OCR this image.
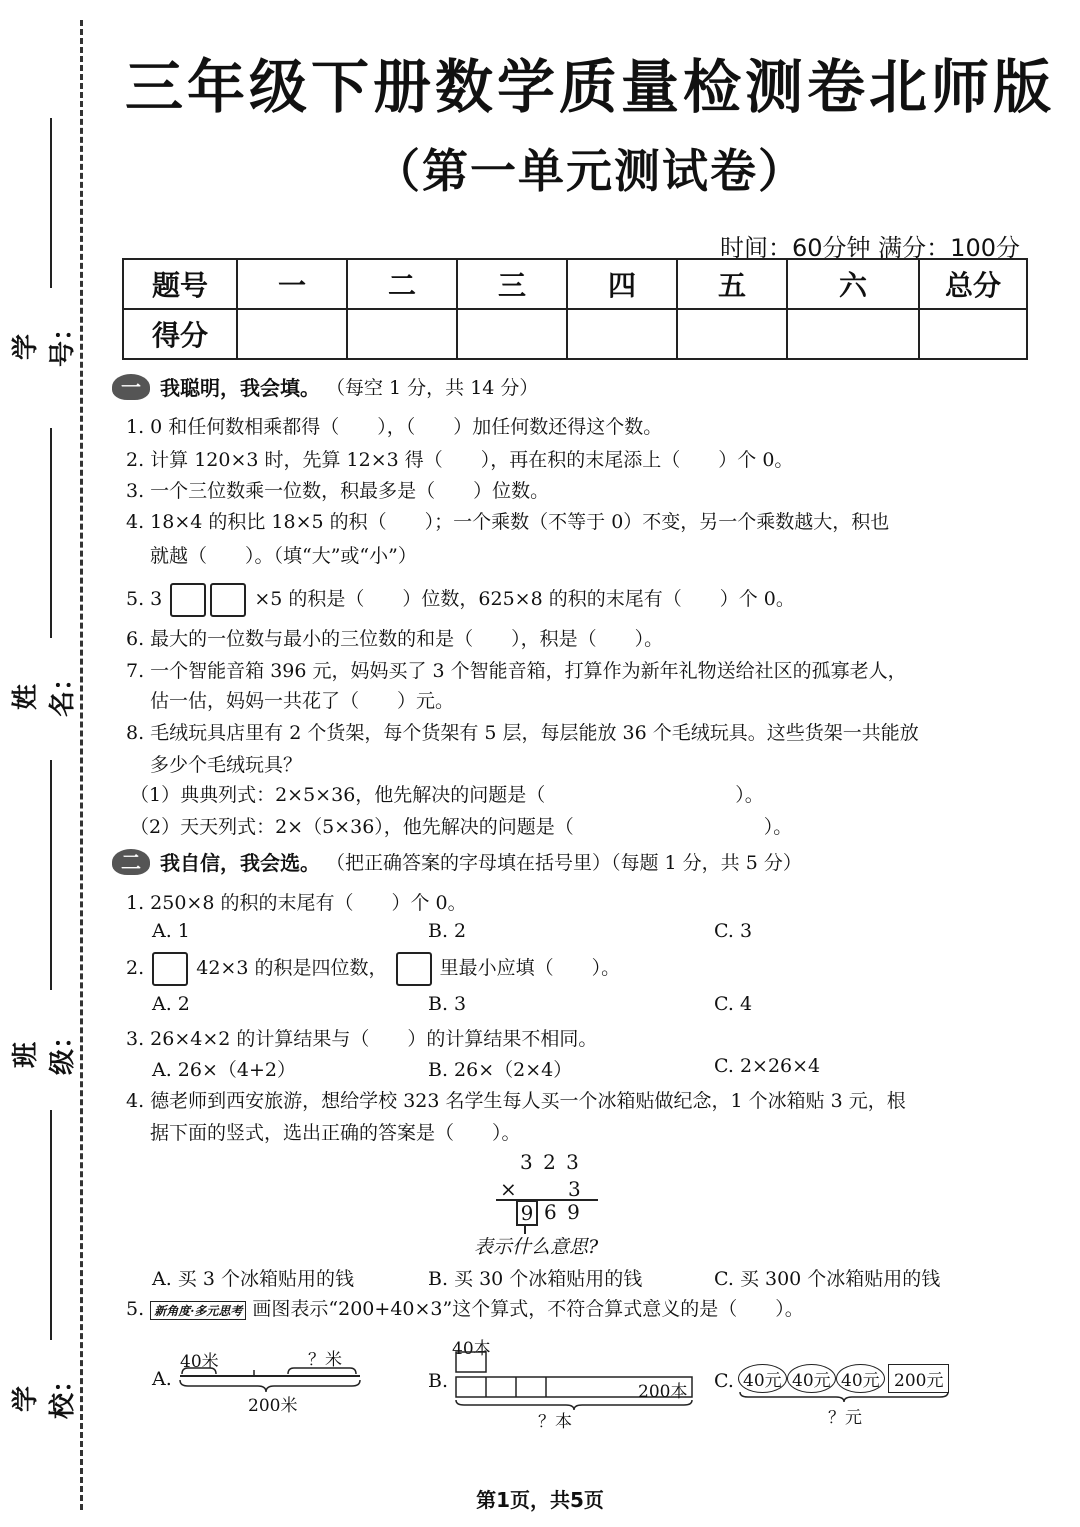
学号：
姓名：
班级：
学校：
三年级下册数学质量检测卷北师版
（第一单元测试卷）
时间：60分钟 满分：100分
题号	一	二	三	四	五	六	总分
得分							
一 我聪明，我会填。 （每空 1 分，共 14 分）
1. 0 和任何数相乘都得（　　），（　　）加任何数还得这个数。
2. 计算 120×3 时，先算 12×3 得（　　），再在积的末尾添上（　　）个 0。
3. 一个三位数乘一位数，积最多是（　　）位数。
4. 18×4 的积比 18×5 的积（　　）；一个乘数（不等于 0）不变，另一个乘数越大，积也
就越（　　）。（填“大”或“小”）
5. 3	×5 的积是（　　）位数，625×8 的积的末尾有（　　）个 0。
6. 最大的一位数与最小的三位数的和是（　　），积是（　　）。
7. 一个智能音箱 396 元，妈妈买了 3 个智能音箱，打算作为新年礼物送给社区的孤寡老人，
估一估，妈妈一共花了（　　）元。
8. 毛绒玩具店里有 2 个货架，每个货架有 5 层，每层能放 36 个毛绒玩具。这些货架一共能放
多少个毛绒玩具？
（1）典典列式：2×5×36，他先解决的问题是（　　　　　　　　　　）。
（2）天天列式：2×（5×36），他先解决的问题是（　　　　　　　　　　）。
二 我自信，我会选。 （把正确答案的字母填在括号里）（每题 1 分，共 5 分）
1. 250×8 的积的末尾有（　　）个 0。
A. 1	B. 2	C. 3
2.	42×3 的积是四位数，	里最小应填（　　）。
A. 2	B. 3	C. 4
3. 26×4×2 的计算结果与（　　）的计算结果不相同。
A. 26×（4+2）	B. 26×（2×4）	C. 2×26×4
4. 德老师到西安旅游，想给学校 323 名学生每人买一个冰箱贴做纪念，1 个冰箱贴 3 元，根
据下面的竖式，选出正确的答案是（　　）。
3 2 3
×	3
9 6 9
表示什么意思?
A. 买 3 个冰箱贴用的钱	B. 买 30 个冰箱贴用的钱	C. 买 300 个冰箱贴用的钱
5. 新角度·多元思考 画图表示“200+40×3”这个算式，不符合算式意义的是（　　）。
A.
40米	？米
200米
B.
40本
200本
？本
C. 40元 40元 40元 200元
？元
第1页，共5页
